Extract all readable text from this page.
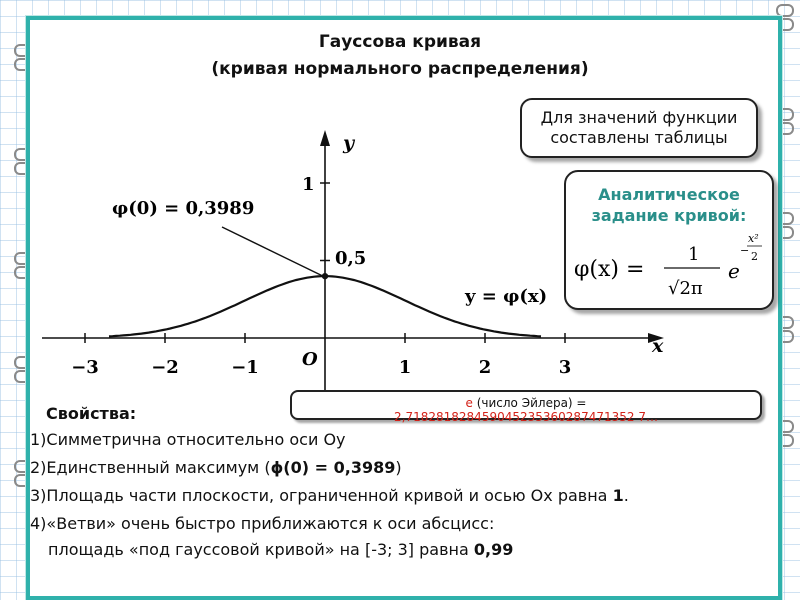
Гауссова кривая
(кривая нормального распределения)
−3	−2	−1	1	2	3
y
x
O
1
0,5
φ(0) = 0,3989
y = φ(x)
Для значений функции составлены таблицы
Аналитическое
задание кривой:
φ(x) =
1
√2π
e
−
x²
2
e (число Эйлера) =
2,718281828459045235360287471352 7…
Свойства:
1)Симметрична относительно оси Oy
2)Единственный максимум (ϕ(0) = 0,3989)
3)Площадь части плоскости, ограниченной кривой и осью Ox равна 1.
4)«Ветви» очень быстро приближаются к оси абсцисс:
площадь «под гауссовой кривой» на [-3; 3] равна 0,99
